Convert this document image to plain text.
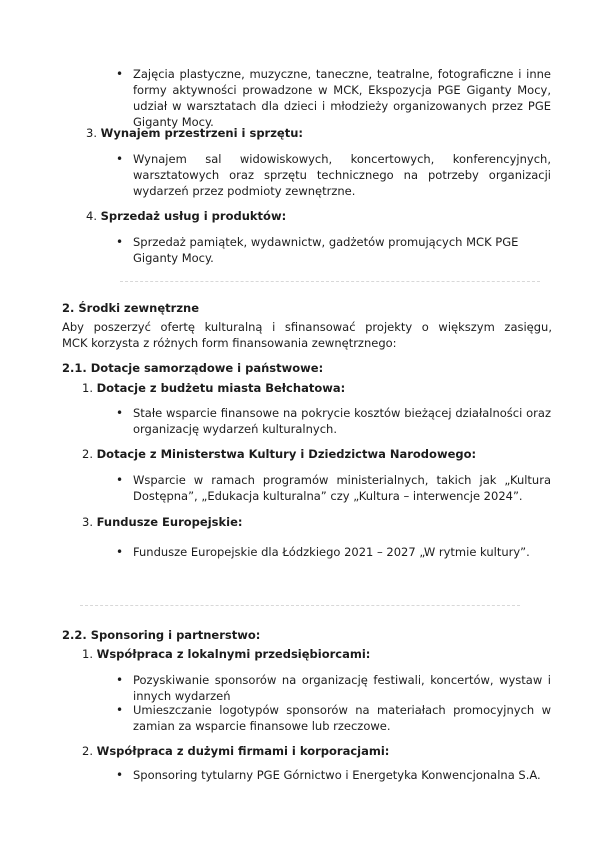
• Zajęcia plastyczne, muzyczne, taneczne, teatralne, fotograficzne i inne formy aktywności prowadzone w MCK, Ekspozycja PGE Giganty Mocy, udział w warsztatach dla dzieci i młodzieży organizowanych przez PGE Giganty Mocy.

3. Wynajem przestrzeni i sprzętu:

• Wynajem sal widowiskowych, koncertowych, konferencyjnych, warsztatowych oraz sprzętu technicznego na potrzeby organizacji wydarzeń przez podmioty zewnętrzne.

4. Sprzedaż usług i produktów:

• Sprzedaż pamiątek, wydawnictw, gadżetów promujących MCK PGE Giganty Mocy.

2. Środki zewnętrzne

Aby poszerzyć ofertę kulturalną i sfinansować projekty o większym zasięgu,

MCK korzysta z różnych form finansowania zewnętrznego:

2.1. Dotacje samorządowe i państwowe:

1. Dotacje z budżetu miasta Bełchatowa:

• Stałe wsparcie finansowe na pokrycie kosztów bieżącej działalności oraz organizację wydarzeń kulturalnych.

2. Dotacje z Ministerstwa Kultury i Dziedzictwa Narodowego:

• Wsparcie w ramach programów ministerialnych, takich jak „Kultura Dostępna”, „Edukacja kulturalna” czy „Kultura – interwencje 2024”.

3. Fundusze Europejskie:

• Fundusze Europejskie dla Łódzkiego 2021 – 2027 „W rytmie kultury”.

2.2. Sponsoring i partnerstwo:

1. Współpraca z lokalnymi przedsiębiorcami:

• Pozyskiwanie sponsorów na organizację festiwali, koncertów, wystaw i innych wydarzeń

• Umieszczanie logotypów sponsorów na materiałach promocyjnych w zamian za wsparcie finansowe lub rzeczowe.

2. Współpraca z dużymi firmami i korporacjami:

• Sponsoring tytularny PGE Górnictwo i Energetyka Konwencjonalna S.A.
